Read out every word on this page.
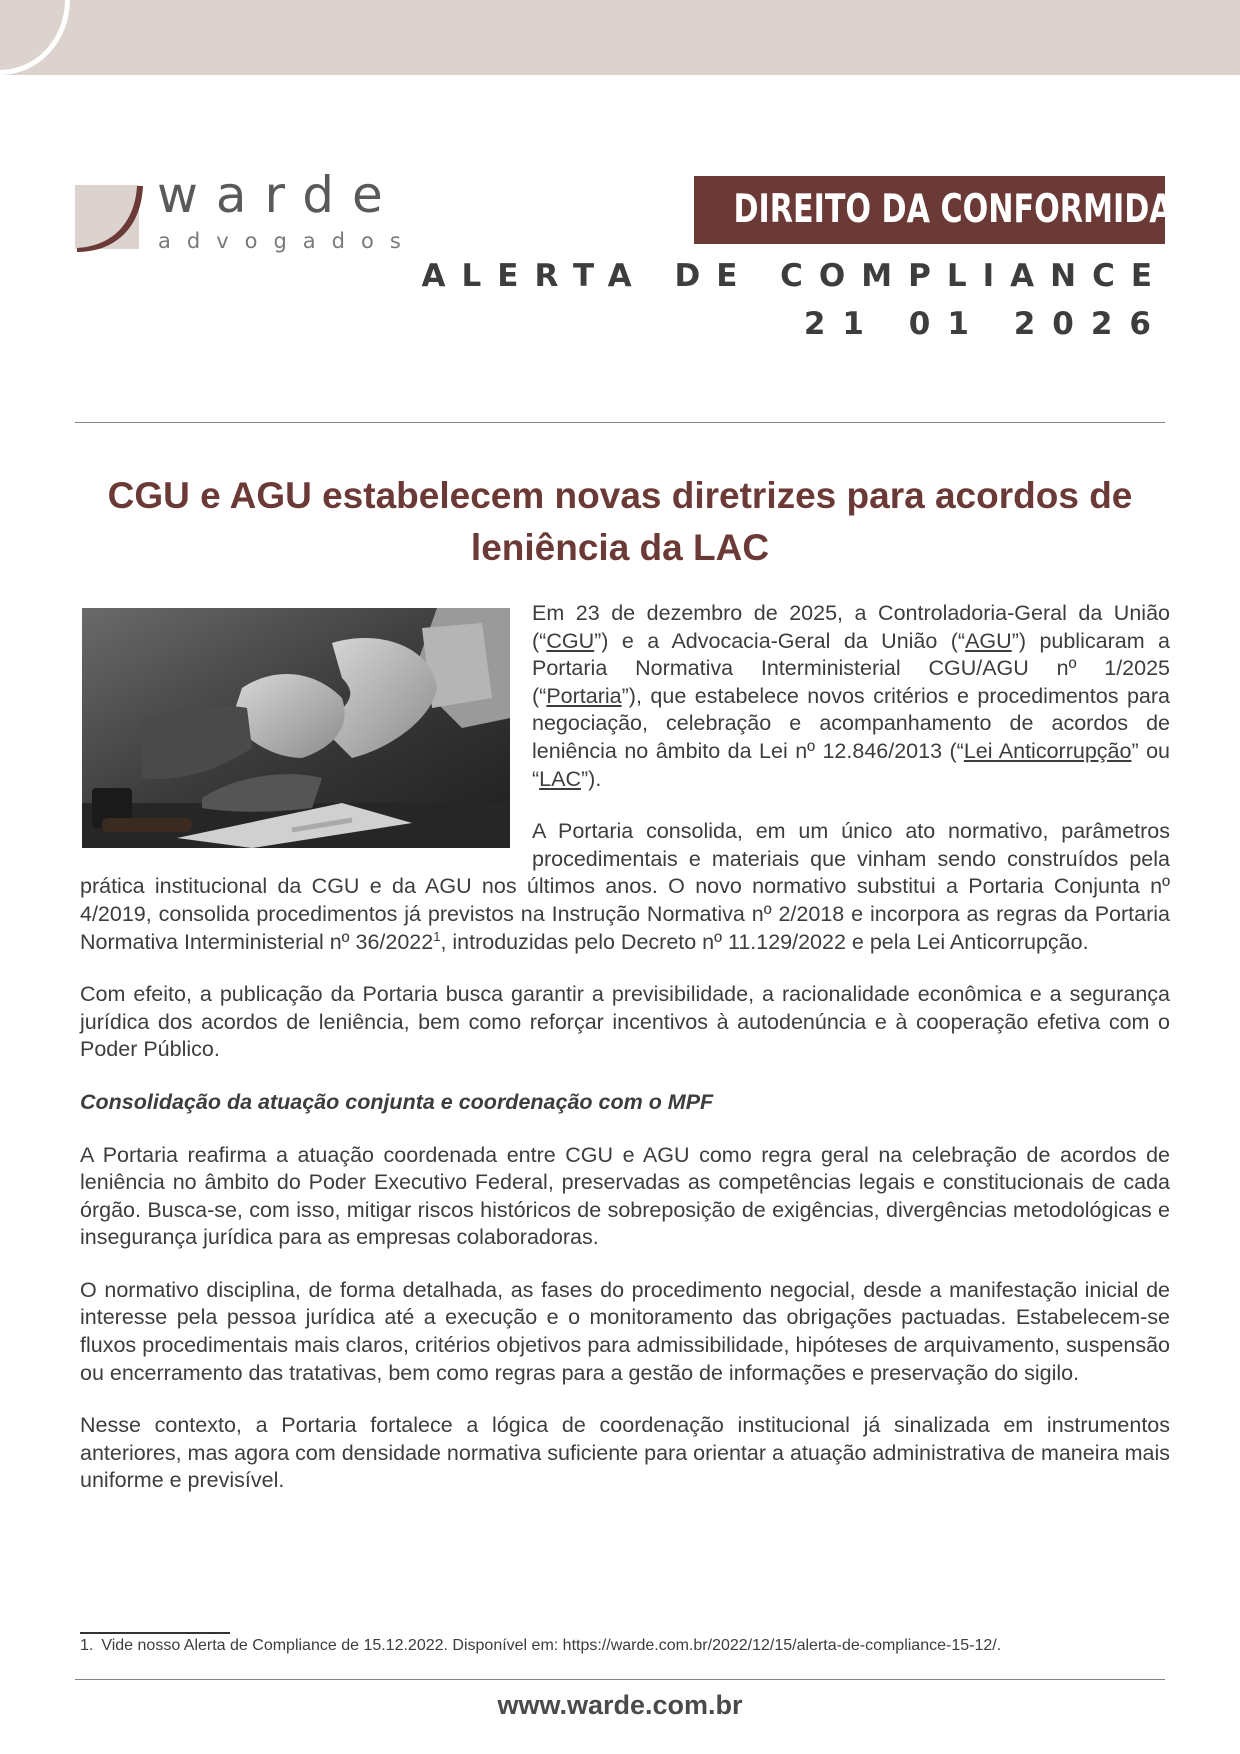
warde
advogados
DIREITO DA CONFORMIDADE
ALERTA DE COMPLIANCE
21 01 2026
CGU e AGU estabelecem novas diretrizes para acordos de leniência da LAC

Em 23 de dezembro de 2025, a Controladoria-Geral da União (“CGU”) e a Advocacia-Geral da União (“AGU”) publicaram a Portaria Normativa Interministerial CGU/AGU nº 1/2025 (“Portaria”), que estabelece novos critérios e procedimentos para negociação, celebração e acompanhamento de acordos de leniência no âmbito da Lei nº 12.846/2013 (“Lei Anticorrupção” ou “LAC”).

A Portaria consolida, em um único ato normativo, parâmetros procedimentais e materiais que vinham sendo construídos pela prática institucional da CGU e da AGU nos últimos anos. O novo normativo substitui a Portaria Conjunta nº 4/2019, consolida procedimentos já previstos na Instrução Normativa nº 2/2018 e incorpora as regras da Portaria Normativa Interministerial nº 36/2022$^1$, introduzidas pelo Decreto nº 11.129/2022 e pela Lei Anticorrupção.

Com efeito, a publicação da Portaria busca garantir a previsibilidade, a racionalidade econômica e a segurança jurídica dos acordos de leniência, bem como reforçar incentivos à autodenúncia e à cooperação efetiva com o Poder Público.

Consolidação da atuação conjunta e coordenação com o MPF

A Portaria reafirma a atuação coordenada entre CGU e AGU como regra geral na celebração de acordos de leniência no âmbito do Poder Executivo Federal, preservadas as competências legais e constitucionais de cada órgão. Busca-se, com isso, mitigar riscos históricos de sobreposição de exigências, divergências metodológicas e insegurança jurídica para as empresas colaboradoras.

O normativo disciplina, de forma detalhada, as fases do procedimento negocial, desde a manifestação inicial de interesse pela pessoa jurídica até a execução e o monitoramento das obrigações pactuadas. Estabelecem-se fluxos procedimentais mais claros, critérios objetivos para admissibilidade, hipóteses de arquivamento, suspensão ou encerramento das tratativas, bem como regras para a gestão de informações e preservação do sigilo.

Nesse contexto, a Portaria fortalece a lógica de coordenação institucional já sinalizada em instrumentos anteriores, mas agora com densidade normativa suficiente para orientar a atuação administrativa de maneira mais uniforme e previsível.

1. Vide nosso Alerta de Compliance de 15.12.2022. Disponível em: https://warde.com.br/2022/12/15/alerta-de-compliance-15-12/.
www.warde.com.br
